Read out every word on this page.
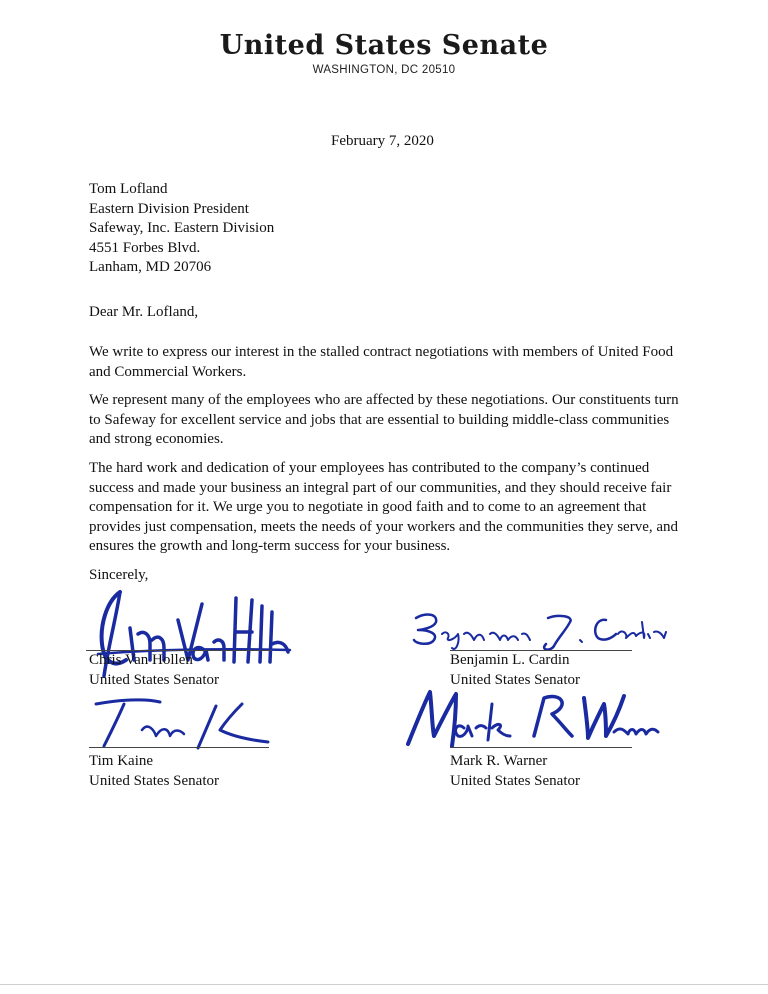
United States Senate
WASHINGTON, DC 20510
February 7, 2020
Tom Lofland
Eastern Division President
Safeway, Inc. Eastern Division
4551 Forbes Blvd.
Lanham, MD 20706
Dear Mr. Lofland,

We write to express our interest in the stalled contract negotiations with members of United Food and Commercial Workers.

We represent many of the employees who are affected by these negotiations. Our constituents turn to Safeway for excellent service and jobs that are essential to building middle-class communities and strong economies.

The hard work and dedication of your employees has contributed to the company’s continued success and made your business an integral part of our communities, and they should receive fair compensation for it. We urge you to negotiate in good faith and to come to an agreement that provides just compensation, meets the needs of your workers and the communities they serve, and ensures the growth and long-term success for your business.

Sincerely,
Chris Van Hollen
United States Senator
Benjamin L. Cardin
United States Senator
Tim Kaine
United States Senator
Mark R. Warner
United States Senator
